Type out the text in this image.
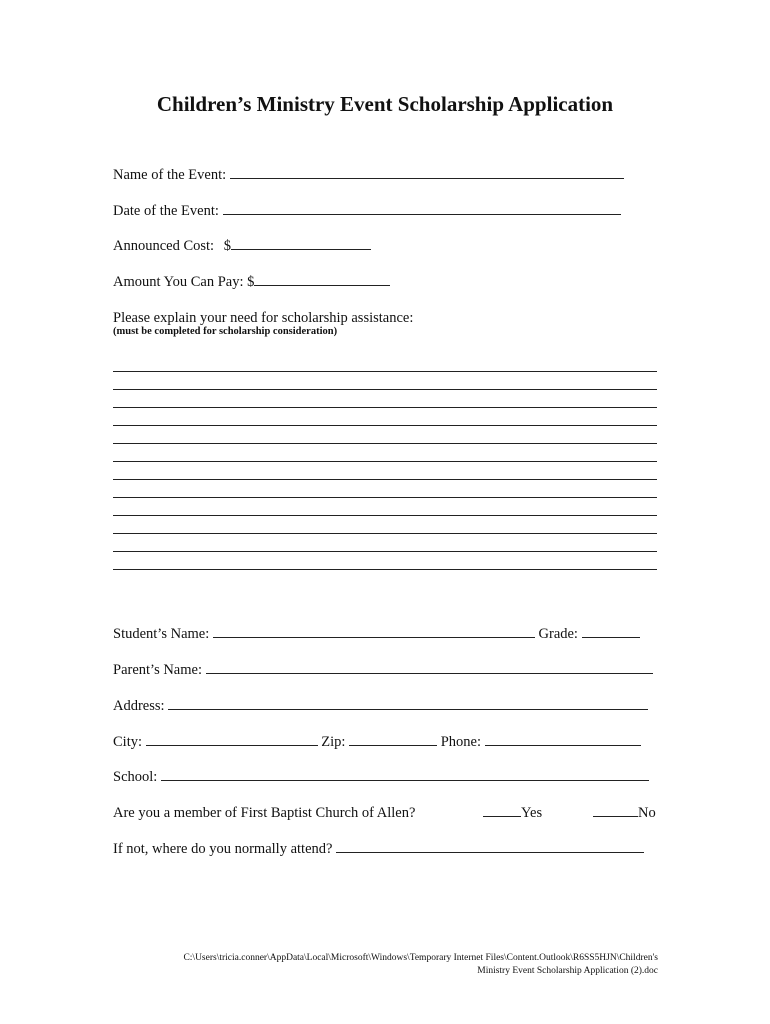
Children’s Ministry Event Scholarship Application
Name of the Event:
Date of the Event:
Announced Cost: $
Amount You Can Pay: $
Please explain your need for scholarship assistance:

(must be completed for scholarship consideration)

Student’s Name:	Grade:
Parent’s Name:
Address:
City:	Zip:	Phone:
School:
Are you a member of First Baptist Church of Allen?	Yes	No
If not, where do you normally attend?
C:\Users\tricia.conner\AppData\Local\Microsoft\Windows\Temporary Internet Files\Content.Outlook\R6SS5HJN\Children's
Ministry Event Scholarship Application (2).doc
